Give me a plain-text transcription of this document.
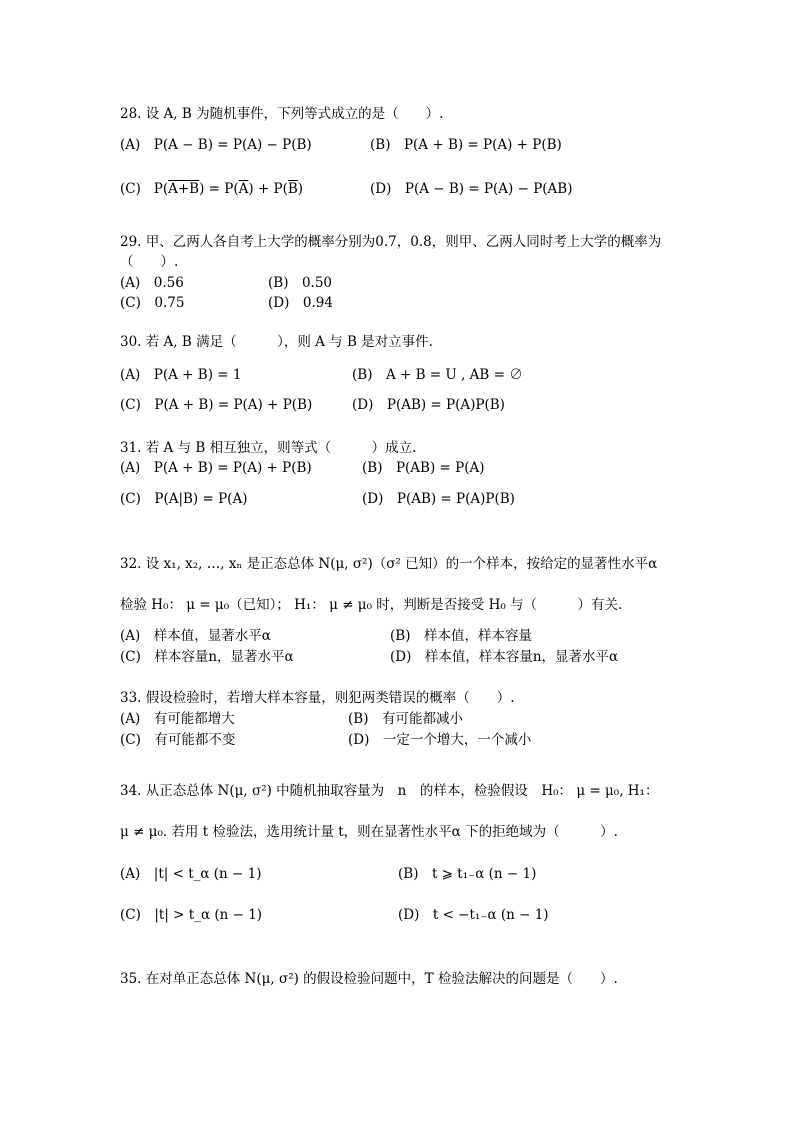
28. 设 A, B 为随机事件，下列等式成立的是（　　）.
(A)　P(A − B) = P(A) − P(B)	(B)　P(A + B) = P(A) + P(B)
(C) $P(A+B) = P(\overline{A}) + P(\overline{B})$	(D)　P(A − B) = P(A) − P(AB)
29. 甲、乙两人各自考上大学的概率分别为0.7，0.8，则甲、乙两人同时考上大学的概率为
（　　）.
(A)　0.56	(B)　0.50
(C)　0.75	(D)　0.94
30. 若 A, B 满足（　　　），则 A 与 B 是对立事件.
(A)　P(A + B) = 1	(B)　A + B = U , AB = ∅
(C)　P(A + B) = P(A) + P(B)	(D)　P(AB) = P(A)P(B)
31. 若 A 与 B 相互独立，则等式（　　　）成立.
(A)　P(A + B) = P(A) + P(B)	(B)　P(AB) = P(A)
(C)　P(A|B) = P(A)	(D)　P(AB) = P(A)P(B)
32. 设 x₁, x₂, …, xₙ 是正态总体 N(μ, σ²)（σ² 已知）的一个样本，按给定的显著性水平α
检验 H₀： μ = μ₀（已知）； H₁： μ ≠ μ₀ 时，判断是否接受 H₀ 与（　　　）有关.
(A)　样本值，显著水平α	(B)　样本值，样本容量
(C)　样本容量n，显著水平α	(D)　样本值，样本容量n，显著水平α
33. 假设检验时，若增大样本容量，则犯两类错误的概率（　　）.
(A)　有可能都增大	(B)　有可能都减小
(C)　有可能都不变	(D)　一定一个增大，一个减小
34. 从正态总体 N(μ, σ²) 中随机抽取容量为　n　的样本，检验假设　H₀： μ = μ₀, H₁：
μ ≠ μ₀. 若用 t 检验法，选用统计量 t，则在显著性水平α 下的拒绝域为（　　　）.
(A)　|t| < t_α (n − 1)	(B)　t ⩾ t₁₋α (n − 1)
(C)　|t| > t_α (n − 1)	(D)　t < −t₁₋α (n − 1)
35. 在对单正态总体 N(μ, σ²) 的假设检验问题中，T 检验法解决的问题是（　　）.
